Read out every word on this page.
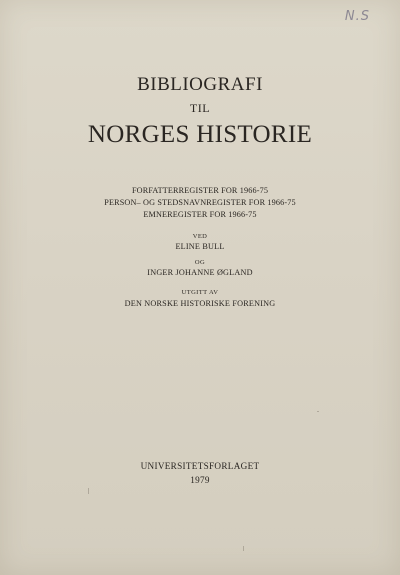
N.S

BIBLIOGRAFI

TIL

NORGES HISTORIE

FORFATTERREGISTER FOR 1966-75

PERSON– OG STEDSNAVNREGISTER FOR 1966-75

EMNEREGISTER FOR 1966-75

VED

ELINE BULL

OG

INGER JOHANNE ØGLAND

UTGITT AV

DEN NORSKE HISTORISKE FORENING

UNIVERSITETSFORLAGET

1979
